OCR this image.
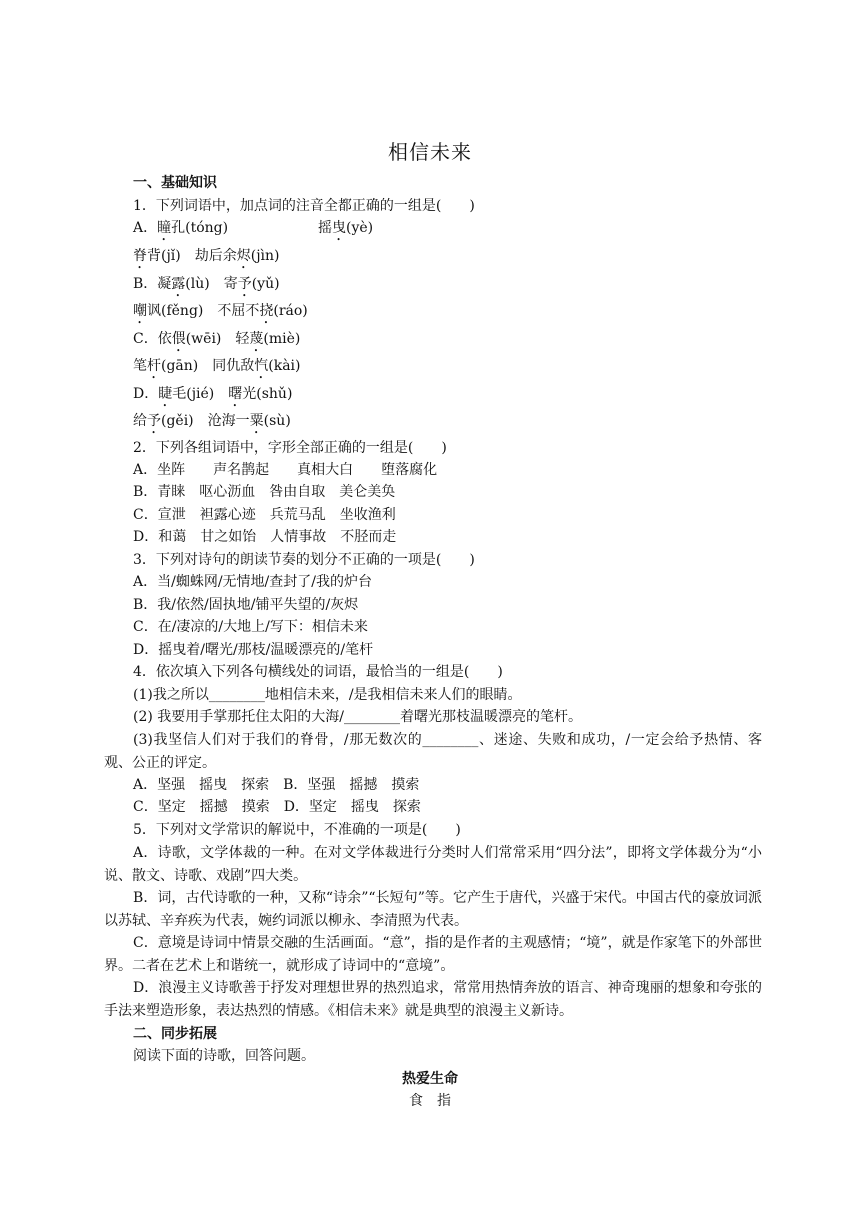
相信未来
一、基础知识
1．下列词语中，加点词的注音全都正确的一组是(　　)
A．瞳孔(tóng)	摇曳(yè)
脊背(jǐ)　劫后余烬(jìn)
B．凝露(lù)　寄予(yǔ)
嘲讽(fěng)　不屈不挠(ráo)
C．依偎(wēi)　轻蔑(miè)
笔杆(gān)　同仇敌忾(kài)
D．睫毛(jié)　曙光(shǔ)
给予(gěi)　沧海一粟(sù)
2．下列各组词语中，字形全部正确的一组是(　　)
A．坐阵　　声名鹊起　　真相大白　　堕落腐化
B．青睐　呕心沥血　咎由自取　美仑美奂
C．宣泄　袒露心迹　兵荒马乱　坐收渔利
D．和蔼　甘之如饴　人情事故　不胫而走
3．下列对诗句的朗读节奏的划分不正确的一项是(　　)
A．当/蜘蛛网/无情地/查封了/我的炉台
B．我/依然/固执地/铺平失望的/灰烬
C．在/凄凉的/大地上/写下：相信未来
D．摇曳着/曙光/那枝/温暖漂亮的/笔杆
4．依次填入下列各句横线处的词语，最恰当的一组是(　　)
(1)我之所以________地相信未来，/是我相信未来人们的眼睛。
(2) 我要用手掌那托住太阳的大海/________着曙光那枝温暖漂亮的笔杆。
(3)我坚信人们对于我们的脊骨，/那无数次的________、迷途、失败和成功，/一定会给予热情、客观、公正的评定。
A．坚强　摇曳　探索　B．坚强　摇撼　摸索
C．坚定　摇撼　摸索　D．坚定　摇曳　探索
5．下列对文学常识的解说中，不准确的一项是(　　)
A．诗歌，文学体裁的一种。在对文学体裁进行分类时人们常常采用“四分法”，即将文学体裁分为“小说、散文、诗歌、戏剧”四大类。
B．词，古代诗歌的一种，又称“诗余”“长短句”等。它产生于唐代，兴盛于宋代。中国古代的豪放词派以苏轼、辛弃疾为代表，婉约词派以柳永、李清照为代表。
C．意境是诗词中情景交融的生活画面。“意”，指的是作者的主观感情；“境”，就是作家笔下的外部世界。二者在艺术上和谐统一，就形成了诗词中的“意境”。
D．浪漫主义诗歌善于抒发对理想世界的热烈追求，常常用热情奔放的语言、神奇瑰丽的想象和夸张的手法来塑造形象，表达热烈的情感。《相信未来》就是典型的浪漫主义新诗。
二、同步拓展
阅读下面的诗歌，回答问题。
热爱生命
食　指
